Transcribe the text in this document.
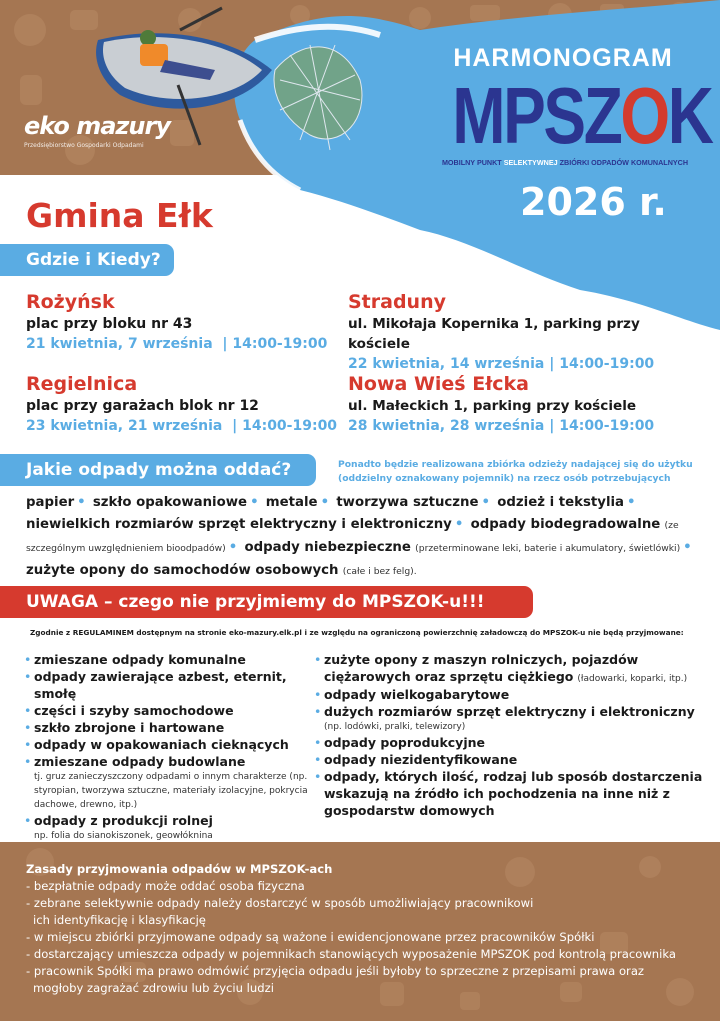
eko mazury
Przedsiębiorstwo Gospodarki Odpadami
HARMONOGRAM
MPSZOK
MOBILNY PUNKT SELEKTYWNEJ ZBIÓRKI ODPADÓW KOMUNALNYCH
2026 r.
Gmina Ełk
Gdzie i Kiedy?
Rożyńsk
plac przy bloku nr 43
21 kwietnia, 7 września  | 14:00-19:00
Straduny
ul. Mikołaja Kopernika 1, parking przy kościele
22 kwietnia, 14 września | 14:00-19:00
Regielnica
plac przy garażach blok nr 12
23 kwietnia, 21 września  | 14:00-19:00
Nowa Wieś Ełcka
ul. Małeckich 1, parking przy kościele
28 kwietnia, 28 września | 14:00-19:00
Jakie odpady można oddać?	Ponadto będzie realizowana zbiórka odzieży nadającej się do użytku (oddzielny oznakowany pojemnik) na rzecz osób potrzebujących
papier • szkło opakowaniowe • metale • tworzywa sztuczne • odzież i tekstylia •
niewielkich rozmiarów sprzęt elektryczny i elektroniczny • odpady biodegradowalne (ze szczególnym uwzględnieniem bioodpadów) • odpady niebezpieczne (przeterminowane leki, baterie i akumulatory, świetlówki) •
zużyte opony do samochodów osobowych (całe i bez felg).
UWAGA – czego nie przyjmiemy do MPSZOK-u!!!
Zgodnie z REGULAMINEM dostępnym na stronie eko-mazury.elk.pl i ze względu na ograniczoną powierzchnię załadowczą do MPSZOK-u nie będą przyjmowane:
• zmieszane odpady komunalne
• odpady zawierające azbest, eternit, smołę
• części i szyby samochodowe
• szkło zbrojone i hartowane
• odpady w opakowaniach cieknących
• zmieszane odpady budowlane
tj. gruz zanieczyszczony odpadami o innym charakterze (np. styropian, tworzywa sztuczne, materiały izolacyjne, pokrycia dachowe, drewno, itp.)
• odpady z produkcji rolnej
np. folia do sianokiszonek, geowłóknina
• zużyte opony z maszyn rolniczych, pojazdów ciężarowych oraz sprzętu ciężkiego (ładowarki, koparki, itp.)
• odpady wielkogabarytowe
• dużych rozmiarów sprzęt elektryczny i elektroniczny
(np. lodówki, pralki, telewizory)
• odpady poprodukcyjne
• odpady niezidentyfikowane
• odpady, których ilość, rodzaj lub sposób dostarczenia wskazują na źródło ich pochodzenia na inne niż z gospodarstw domowych
Zasady przyjmowania odpadów w MPSZOK-ach
- bezpłatnie odpady może oddać osoba fizyczna
- zebrane selektywnie odpady należy dostarczyć w sposób umożliwiający pracownikowi
ich identyfikację i klasyfikację
- w miejscu zbiórki przyjmowane odpady są ważone i ewidencjonowane przez pracowników Spółki
- dostarczający umieszcza odpady w pojemnikach stanowiących wyposażenie MPSZOK pod kontrolą pracownika
- pracownik Spółki ma prawo odmówić przyjęcia odpadu jeśli byłoby to sprzeczne z przepisami prawa oraz
mogłoby zagrażać zdrowiu lub życiu ludzi
